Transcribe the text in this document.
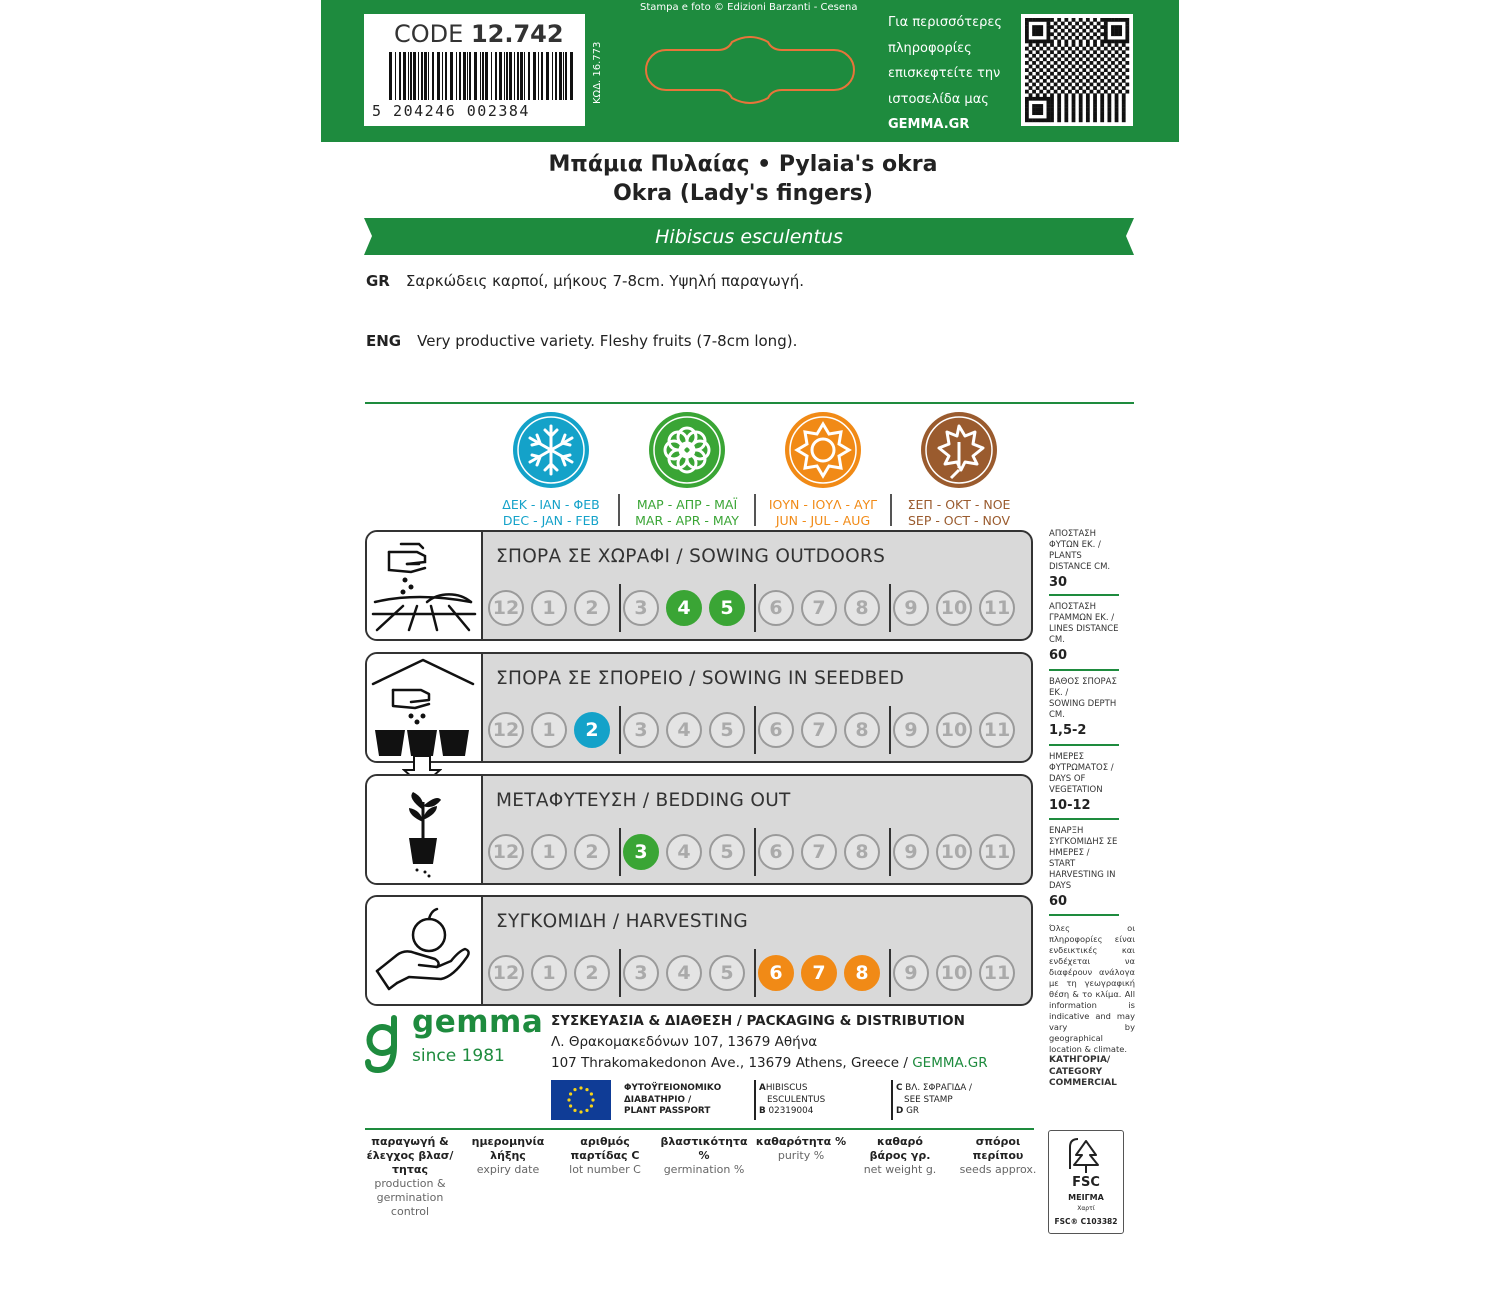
Stampa e foto © Edizioni Barzanti - Cesena
CODE 12.742
5 204246 002384
ΚΩΔ. 16.773
Για περισσότερες
πληροφορίες
επισκεφτείτε την
ιστοσελίδα μας
GEMMA.GR
Μπάμια Πυλαίας • Pylaia's okra
Okra (Lady's fingers)
Hibiscus esculentus
GR Σαρκώδεις καρποί, μήκους 7-8cm. Υψηλή παραγωγή.
ENG Very productive variety. Fleshy fruits (7-8cm long).
ΔΕΚ - ΙΑΝ - ΦΕΒ
DEC - JAN - FEB
ΜΑΡ - ΑΠΡ - ΜΑΪ
MAR - APR - MAY
ΙΟΥΝ - ΙΟΥΛ - ΑΥΓ
JUN - JUL - AUG
ΣΕΠ - ΟΚΤ - ΝΟΕ
SEP - OCT - NOV
ΣΠΟΡΑ ΣΕ ΧΩΡΑΦΙ / SOWING OUTDOORS
12	1	2	3	4	5	6	7	8	9	10 11
ΣΠΟΡΑ ΣΕ ΣΠΟΡΕΙΟ / SOWING IN SEEDBED
12	1	2	3	4	5	6	7	8	9	10 11
ΜΕΤΑΦΥΤΕΥΣΗ / BEDDING OUT
12	1	2	3	4	5	6	7	8	9	10 11
ΣΥΓΚΟΜΙΔΗ / HARVESTING
12	1	2	3	4	5	6	7	8	9	10 11
ΑΠΟΣΤΑΣΗ ΦΥΤΩΝ ΕΚ. /
PLANTS DISTANCE CM.
30
ΑΠΟΣΤΑΣΗ ΓΡΑΜΜΩΝ ΕΚ. /
LINES DISTANCE CM.
60
ΒΑΘΟΣ ΣΠΟΡΑΣ ΕΚ. /
SOWING DEPTH CM.
1,5-2
ΗΜΕΡΕΣ ΦΥΤΡΩΜΑΤΟΣ /
DAYS OF VEGETATION
10-12
ΕΝΑΡΞΗ ΣΥΓΚΟΜΙΔΗΣ ΣΕ ΗΜΕΡΕΣ /
START HARVESTING IN DAYS
60
Όλες οι πληροφορίες είναι ενδεικτικές και ενδέχεται να διαφέρουν ανάλογα με τη γεωγραφική θέση & το κλίμα. All information is indicative and may vary by geographical location & climate.
ΚΑΤΗΓΟΡΙΑ/ CATEGORY COMMERCIAL
gemma
since 1981
ΣΥΣΚΕΥΑΣΙΑ & ΔΙΑΘΕΣΗ / PACKAGING & DISTRIBUTION
Λ. Θρακομακεδόνων 107, 13679 Αθήνα
107 Thrakomakedonon Ave., 13679 Athens, Greece / GEMMA.GR
ΦΥΤΟΫΓΕΙΟΝΟΜΙΚΟ
ΔΙΑΒΑΤΗΡΙΟ /
PLANT PASSPORT
AHIBISCUS
ESCULENTUS
B 02319004
C ΒΛ. ΣΦΡΑΓΙΔΑ /
SEE STAMP
D GR
παραγωγή & έλεγχος βλασ/τητας
production & germination control
ημερομηνία λήξης
expiry date
αριθμός παρτίδας C
lot number C
βλαστικότητα %
germination %
καθαρότητα %
purity %
καθαρό βάρος γρ.
net weight g.
σπόροι περίπου
seeds approx.
FSC
ΜΕΙΓΜΑ
Χαρτί
FSC® C103382
